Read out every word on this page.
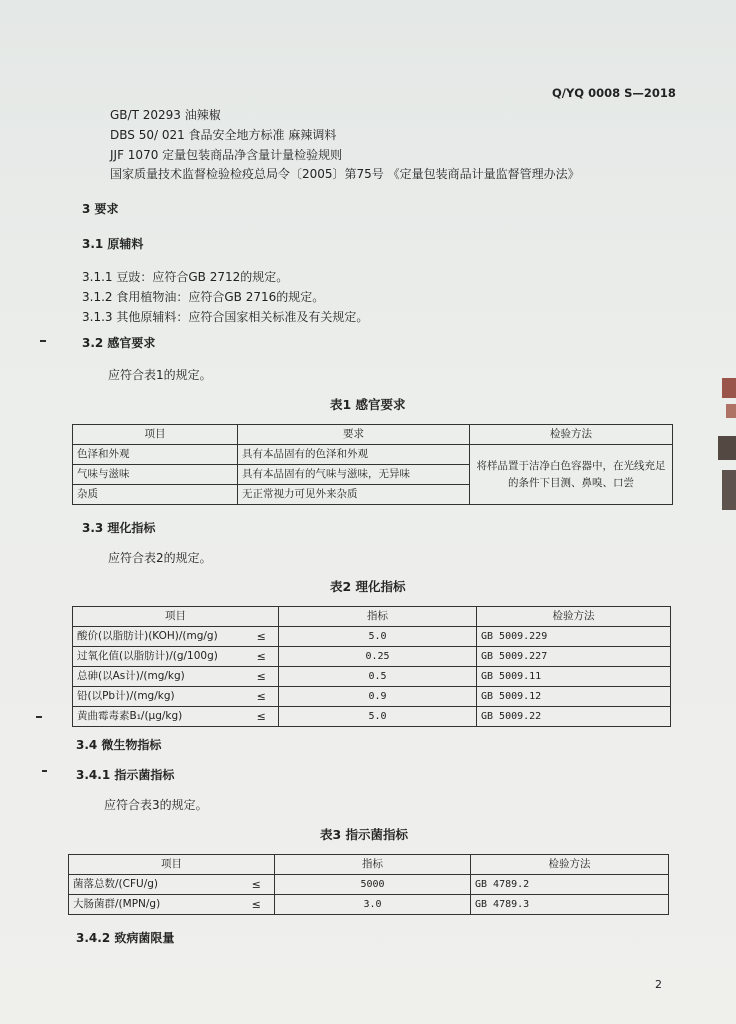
Q/YQ 0008 S—2018
GB/T 20293 油辣椒
DBS 50/ 021 食品安全地方标准 麻辣调料
JJF 1070 定量包装商品净含量计量检验规则
国家质量技术监督检验检疫总局令〔2005〕第75号 《定量包装商品计量监督管理办法》
3 要求
3.1 原辅料
3.1.1 豆豉：应符合GB 2712的规定。
3.1.2 食用植物油：应符合GB 2716的规定。
3.1.3 其他原辅料：应符合国家相关标准及有关规定。
3.2 感官要求
应符合表1的规定。
表1 感官要求
项目	要求	检验方法
色泽和外观	具有本品固有的色泽和外观	将样品置于洁净白色容器中，在光线充足的条件下目测、鼻嗅、口尝
气味与滋味	具有本品固有的气味与滋味，无异味	
杂质	无正常视力可见外来杂质	
3.3 理化指标
应符合表2的规定。
表2 理化指标
项目		指标	检验方法
酸价(以脂肪计)(KOH)/(mg/g)	≤	5.0	GB 5009.229
过氧化值(以脂肪计)/(g/100g)	≤	0.25	GB 5009.227
总砷(以As计)/(mg/kg)	≤	0.5	GB 5009.11
铅(以Pb计)/(mg/kg)	≤	0.9	GB 5009.12
黄曲霉毒素B₁/(μg/kg)	≤	5.0	GB 5009.22
3.4 微生物指标
3.4.1 指示菌指标
应符合表3的规定。
表3 指示菌指标
项目		指标	检验方法
菌落总数/(CFU/g)	≤	5000	GB 4789.2
大肠菌群/(MPN/g)	≤	3.0	GB 4789.3
3.4.2 致病菌限量
2
